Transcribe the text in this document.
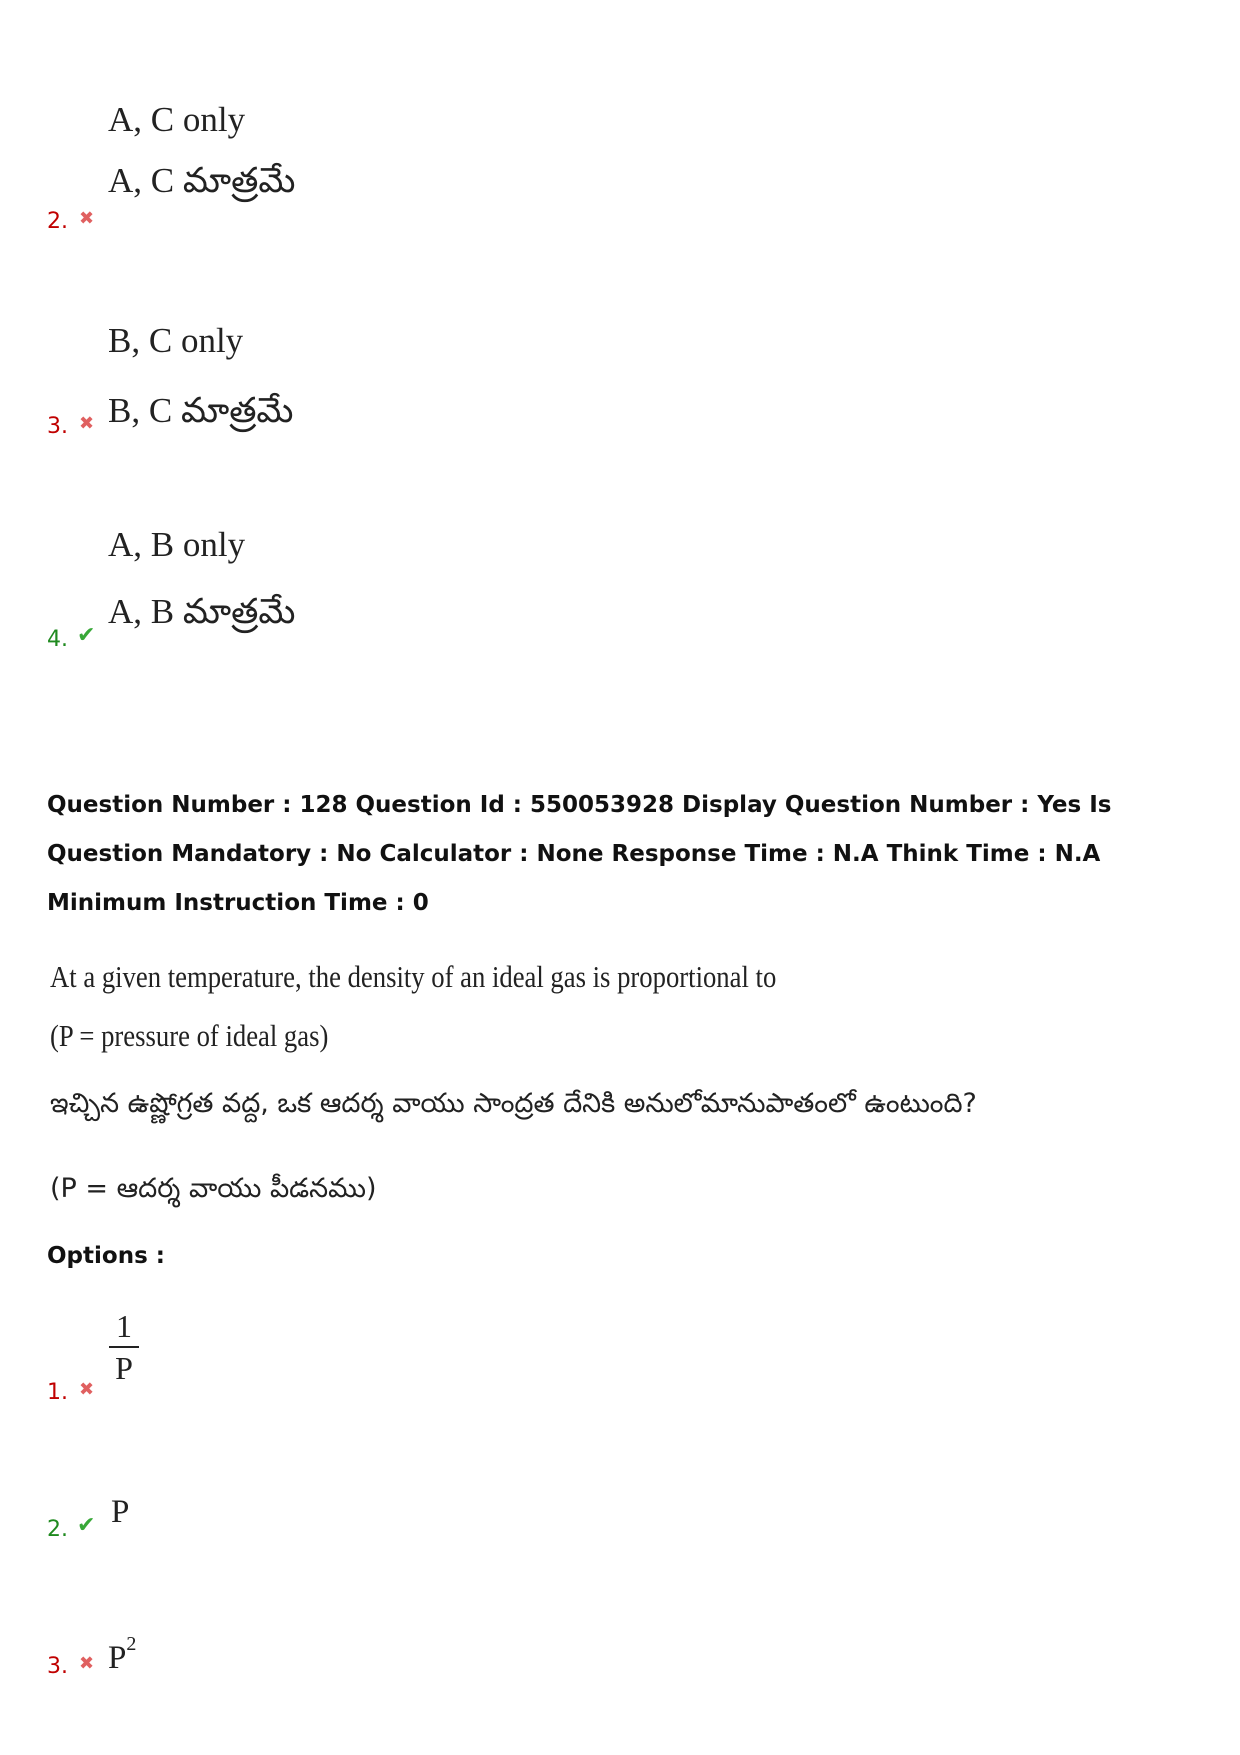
A, C only
A, C మాత్రమే
2. ✖
B, C only
B, C మాత్రమే
3. ✖
A, B only
A, B మాత్రమే
4. ✔
Question Number : 128 Question Id : 550053928 Display Question Number : Yes Is Question Mandatory : No Calculator : None Response Time : N.A Think Time : N.A Minimum Instruction Time : 0
At a given temperature, the density of an ideal gas is proportional to
(P = pressure of ideal gas)
ఇచ్చిన ఉష్ణోగ్రత వద్ద, ఒక ఆదర్శ వాయు సాంద్రత దేనికి అనులోమానుపాతంలో ఉంటుంది?
(P = ఆదర్శ వాయు పీడనము)
Options :
1
P
1. ✖
P
2. ✔
$P^2$
3. ✖
